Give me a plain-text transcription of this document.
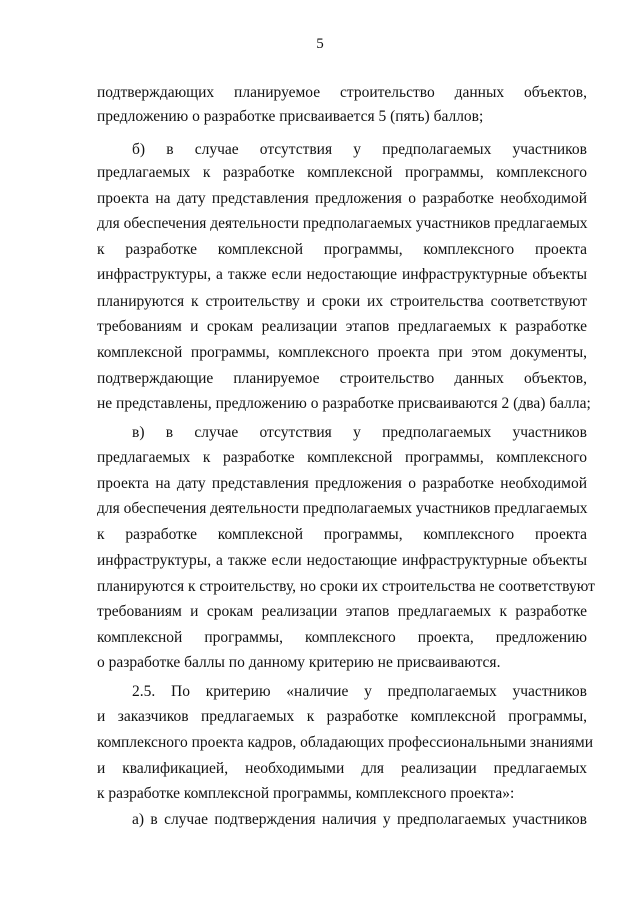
5
подтверждающих планируемое строительство данных объектов,
предложению о разработке присваивается 5 (пять) баллов;
б) в случае отсутствия у предполагаемых участников
предлагаемых к разработке комплексной программы, комплексного
проекта на дату представления предложения о разработке необходимой
для обеспечения деятельности предполагаемых участников предлагаемых
к разработке комплексной программы, комплексного проекта
инфраструктуры, а также если недостающие инфраструктурные объекты
планируются к строительству и сроки их строительства соответствуют
требованиям и срокам реализации этапов предлагаемых к разработке
комплексной программы, комплексного проекта при этом документы,
подтверждающие планируемое строительство данных объектов,
не представлены, предложению о разработке присваиваются 2 (два) балла;
в) в случае отсутствия у предполагаемых участников
предлагаемых к разработке комплексной программы, комплексного
проекта на дату представления предложения о разработке необходимой
для обеспечения деятельности предполагаемых участников предлагаемых
к разработке комплексной программы, комплексного проекта
инфраструктуры, а также если недостающие инфраструктурные объекты
планируются к строительству, но сроки их строительства не соответствуют
требованиям и срокам реализации этапов предлагаемых к разработке
комплексной программы, комплексного проекта, предложению
о разработке баллы по данному критерию не присваиваются.
2.5. По критерию «наличие у предполагаемых участников
и заказчиков предлагаемых к разработке комплексной программы,
комплексного проекта кадров, обладающих профессиональными знаниями
и квалификацией, необходимыми для реализации предлагаемых
к разработке комплексной программы, комплексного проекта»:
а) в случае подтверждения наличия у предполагаемых участников
